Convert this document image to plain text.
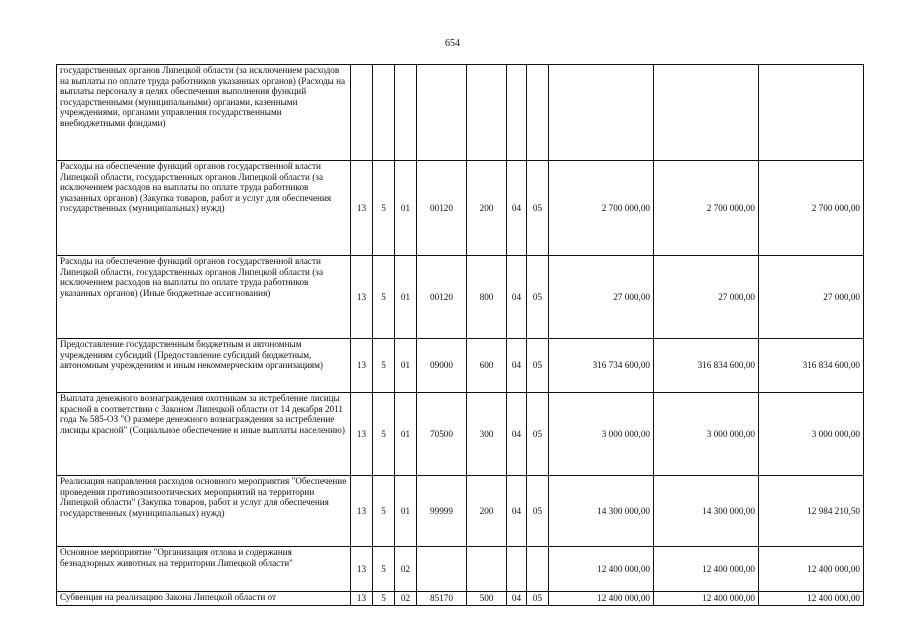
654
государственных органов Липецкой области (за исключением расходов на выплаты по оплате труда работников указанных органов) (Расходы на выплаты персоналу в целях обеспечения выполнения функций государственными (муниципальными) органами, казенными учреждениями, органами управления государственными внебюджетными фондами)										
Расходы на обеспечение функций органов государственной власти Липецкой области, государственных органов Липецкой области (за исключением расходов на выплаты по оплате труда работников указанных органов) (Закупка товаров, работ и услуг для обеспечения государственных (муниципальных) нужд)	13	5	01	00120	200	04	05	2 700 000,00	2 700 000,00	2 700 000,00
Расходы на обеспечение функций органов государственной власти Липецкой области, государственных органов Липецкой области (за исключением расходов на выплаты по оплате труда работников указанных органов) (Иные бюджетные ассигнования)	13	5	01	00120	800	04	05	27 000,00	27 000,00	27 000,00
Предоставление государственным бюджетным и автономным учреждениям субсидий (Предоставление субсидий бюджетным, автономным учреждениям и иным некоммерческим организациям)	13	5	01	09000	600	04	05	316 734 600,00	316 834 600,00	316 834 600,00
Выплата денежного вознаграждения охотникам за истребление лисицы красной в соответствии с Законом Липецкой области от 14 декабря 2011 года № 585-ОЗ "О размере денежного вознаграждения за истребление лисицы красной" (Социальное обеспечение и иные выплаты населению)	13	5	01	70500	300	04	05	3 000 000,00	3 000 000,00	3 000 000,00
Реализация направления расходов основного мероприятия "Обеспечение проведения противоэпизоотических мероприятий на территории Липецкой области" (Закупка товаров, работ и услуг для обеспечения государственных (муниципальных) нужд)	13	5	01	99999	200	04	05	14 300 000,00	14 300 000,00	12 984 210,50
Основное мероприятие "Организация отлова и содержания безнадзорных животных на территории Липецкой области"	13	5	02					12 400 000,00	12 400 000,00	12 400 000,00
Субвенция на реализацию Закона Липецкой области от	13	5	02	85170	500	04	05	12 400 000,00	12 400 000,00	12 400 000,00
